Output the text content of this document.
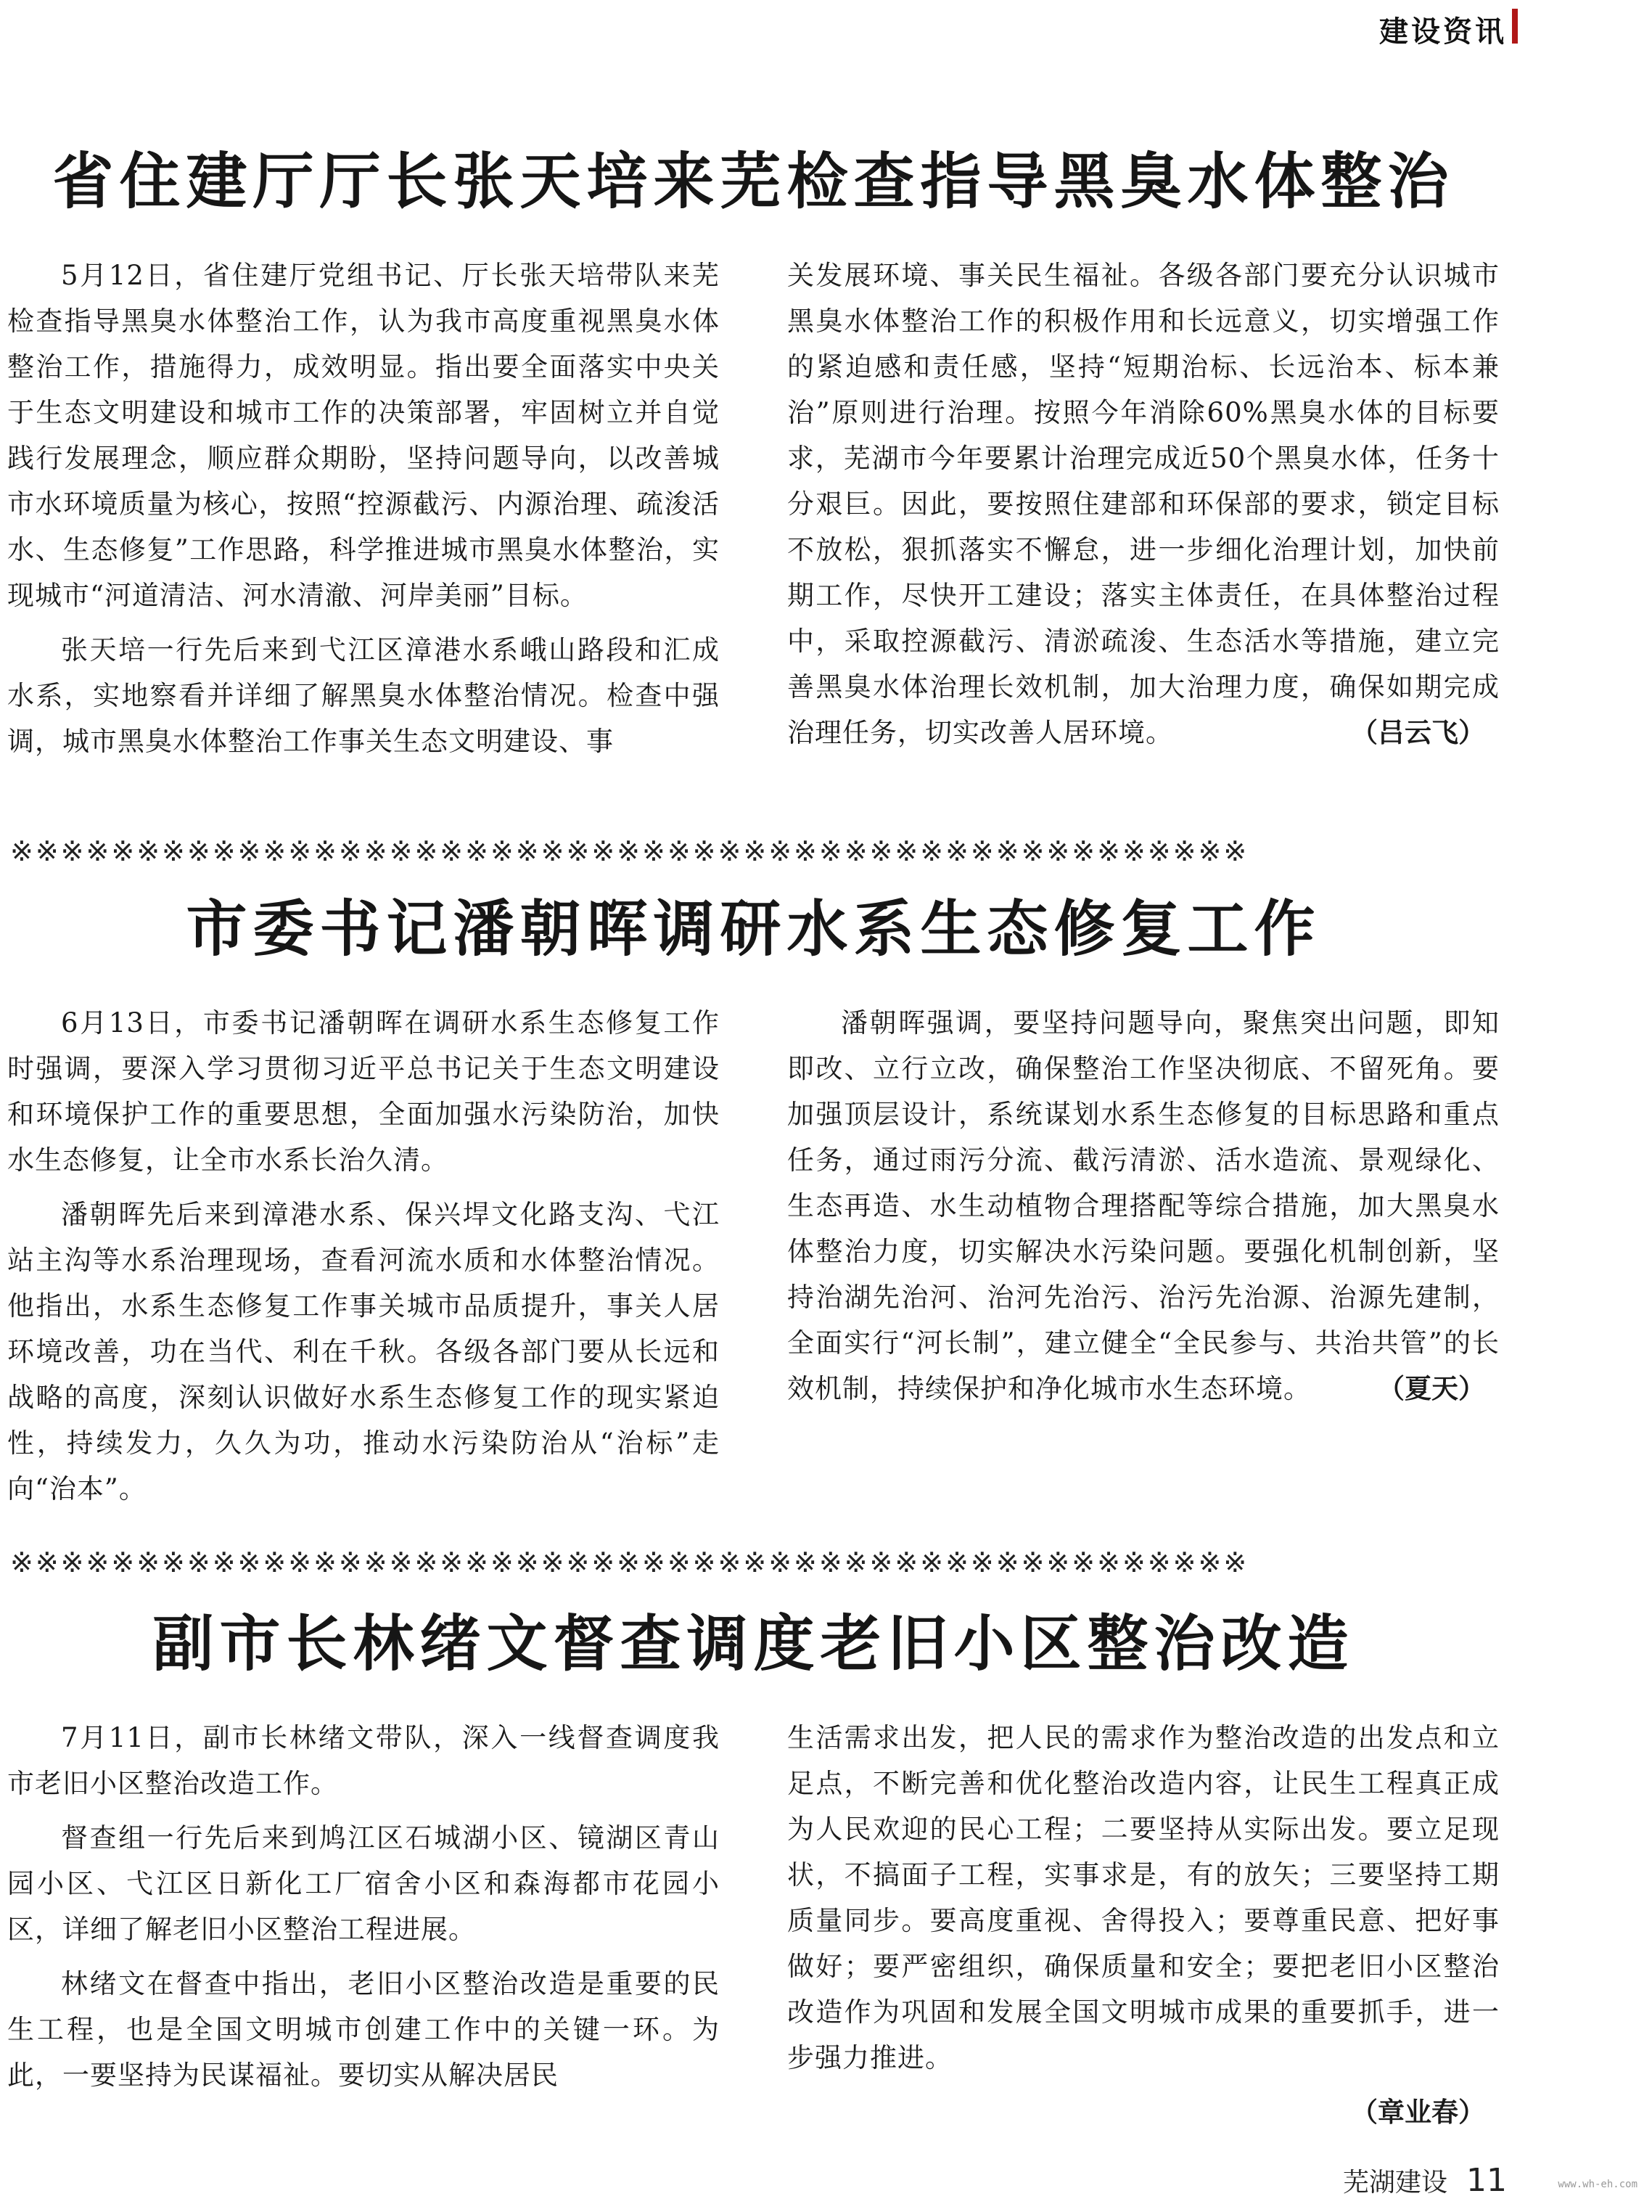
建设资讯
省住建厅厅长张天培来芜检查指导黑臭水体整治

5月12日，省住建厅党组书记、厅长张天培带队来芜检查指导黑臭水体整治工作，认为我市高度重视黑臭水体整治工作，措施得力，成效明显。指出要全面落实中央关于生态文明建设和城市工作的决策部署，牢固树立并自觉践行发展理念，顺应群众期盼，坚持问题导向，以改善城市水环境质量为核心，按照“控源截污、内源治理、疏浚活水、生态修复”工作思路，科学推进城市黑臭水体整治，实现城市“河道清洁、河水清澈、河岸美丽”目标。

张天培一行先后来到弋江区漳港水系峨山路段和汇成水系，实地察看并详细了解黑臭水体整治情况。检查中强调，城市黑臭水体整治工作事关生态文明建设、事

关发展环境、事关民生福祉。各级各部门要充分认识城市黑臭水体整治工作的积极作用和长远意义，切实增强工作的紧迫感和责任感，坚持“短期治标、长远治本、标本兼治”原则进行治理。按照今年消除60%黑臭水体的目标要求，芜湖市今年要累计治理完成近50个黑臭水体，任务十分艰巨。因此，要按照住建部和环保部的要求，锁定目标不放松，狠抓落实不懈怠，进一步细化治理计划，加快前期工作，尽快开工建设；落实主体责任，在具体整治过程中，采取控源截污、清淤疏浚、生态活水等措施，建立完善黑臭水体治理长效机制，加大治理力度，确保如期完成治理任务，切实改善人居环境。	（吕云飞）
※※※※※※※※※※※※※※※※※※※※※※※※※※※※※※※※※※※※※※※※※※※※※※※※※
市委书记潘朝晖调研水系生态修复工作

6月13日，市委书记潘朝晖在调研水系生态修复工作时强调，要深入学习贯彻习近平总书记关于生态文明建设和环境保护工作的重要思想，全面加强水污染防治，加快水生态修复，让全市水系长治久清。

潘朝晖先后来到漳港水系、保兴垾文化路支沟、弋江站主沟等水系治理现场，查看河流水质和水体整治情况。他指出，水系生态修复工作事关城市品质提升，事关人居环境改善，功在当代、利在千秋。各级各部门要从长远和战略的高度，深刻认识做好水系生态修复工作的现实紧迫性，持续发力，久久为功，推动水污染防治从“治标”走向“治本”。

潘朝晖强调，要坚持问题导向，聚焦突出问题，即知即改、立行立改，确保整治工作坚决彻底、不留死角。要加强顶层设计，系统谋划水系生态修复的目标思路和重点任务，通过雨污分流、截污清淤、活水造流、景观绿化、生态再造、水生动植物合理搭配等综合措施，加大黑臭水体整治力度，切实解决水污染问题。要强化机制创新，坚持治湖先治河、治河先治污、治污先治源、治源先建制，全面实行“河长制”，建立健全“全民参与、共治共管”的长效机制，持续保护和净化城市水生态环境。	（夏天）
※※※※※※※※※※※※※※※※※※※※※※※※※※※※※※※※※※※※※※※※※※※※※※※※※
副市长林绪文督查调度老旧小区整治改造

7月11日，副市长林绪文带队，深入一线督查调度我市老旧小区整治改造工作。

督查组一行先后来到鸠江区石城湖小区、镜湖区青山园小区、弋江区日新化工厂宿舍小区和森海都市花园小区，详细了解老旧小区整治工程进展。

林绪文在督查中指出，老旧小区整治改造是重要的民生工程，也是全国文明城市创建工作中的关键一环。为此，一要坚持为民谋福祉。要切实从解决居民

生活需求出发，把人民的需求作为整治改造的出发点和立足点，不断完善和优化整治改造内容，让民生工程真正成为人民欢迎的民心工程；二要坚持从实际出发。要立足现状，不搞面子工程，实事求是，有的放矢；三要坚持工期质量同步。要高度重视、舍得投入；要尊重民意、把好事做好；要严密组织，确保质量和安全；要把老旧小区整治改造作为巩固和发展全国文明城市成果的重要抓手，进一步强力推进。

（章业春）
芜湖建设 11	www.wh-eh.com
